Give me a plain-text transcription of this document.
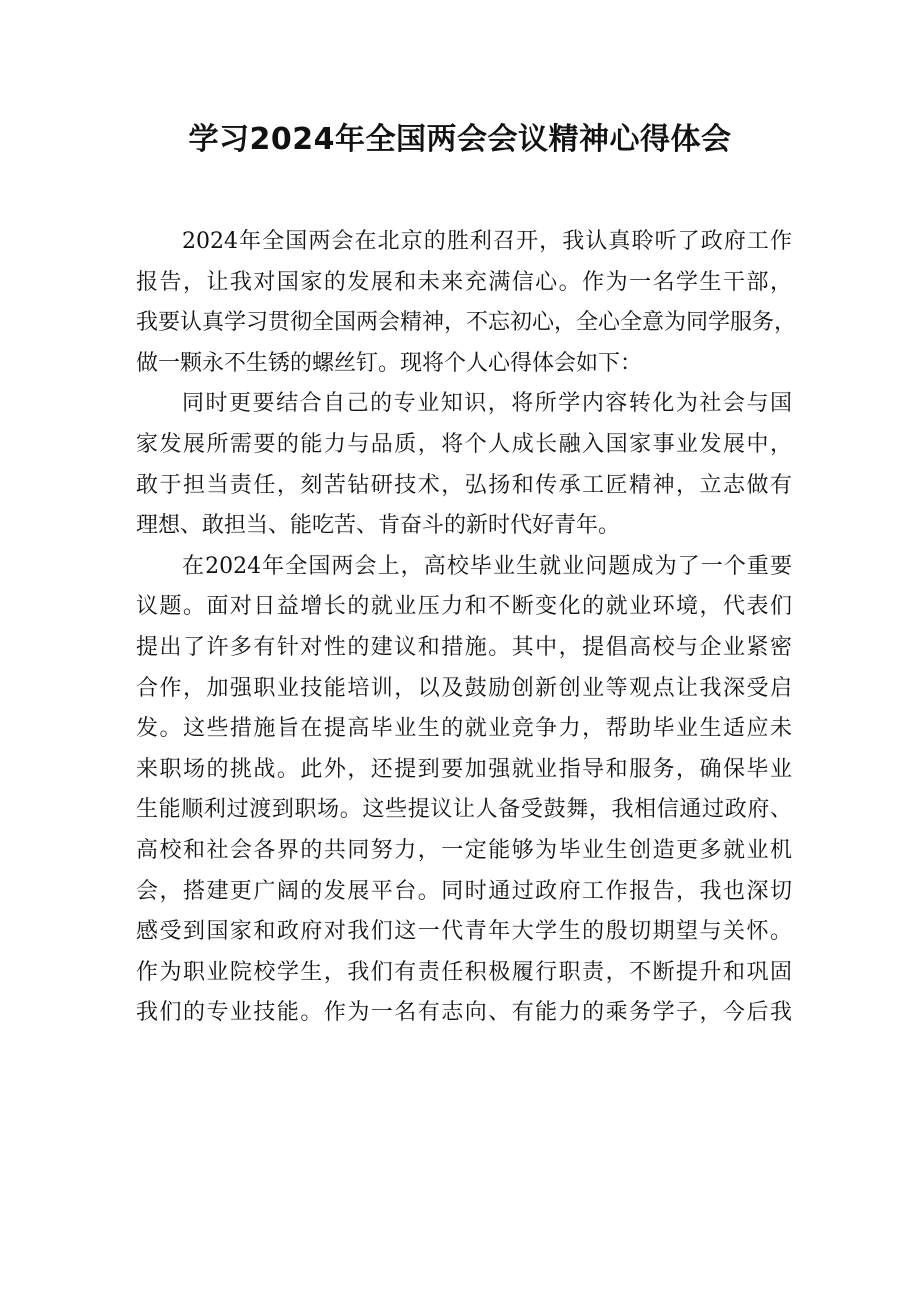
学习2024年全国两会会议精神心得体会
2024年全国两会在北京的胜利召开，我认真聆听了政府工作
报告，让我对国家的发展和未来充满信心。作为一名学生干部，
我要认真学习贯彻全国两会精神，不忘初心，全心全意为同学服务，
做一颗永不生锈的螺丝钉。现将个人心得体会如下：
同时更要结合自己的专业知识，将所学内容转化为社会与国
家发展所需要的能力与品质，将个人成长融入国家事业发展中，
敢于担当责任，刻苦钻研技术，弘扬和传承工匠精神，立志做有
理想、敢担当、能吃苦、肯奋斗的新时代好青年。
在2024年全国两会上，高校毕业生就业问题成为了一个重要
议题。面对日益增长的就业压力和不断变化的就业环境，代表们
提出了许多有针对性的建议和措施。其中，提倡高校与企业紧密
合作，加强职业技能培训，以及鼓励创新创业等观点让我深受启
发。这些措施旨在提高毕业生的就业竞争力，帮助毕业生适应未
来职场的挑战。此外，还提到要加强就业指导和服务，确保毕业
生能顺利过渡到职场。这些提议让人备受鼓舞，我相信通过政府、
高校和社会各界的共同努力，一定能够为毕业生创造更多就业机
会，搭建更广阔的发展平台。同时通过政府工作报告，我也深切
感受到国家和政府对我们这一代青年大学生的殷切期望与关怀。
作为职业院校学生，我们有责任积极履行职责，不断提升和巩固
我们的专业技能。作为一名有志向、有能力的乘务学子，今后我
